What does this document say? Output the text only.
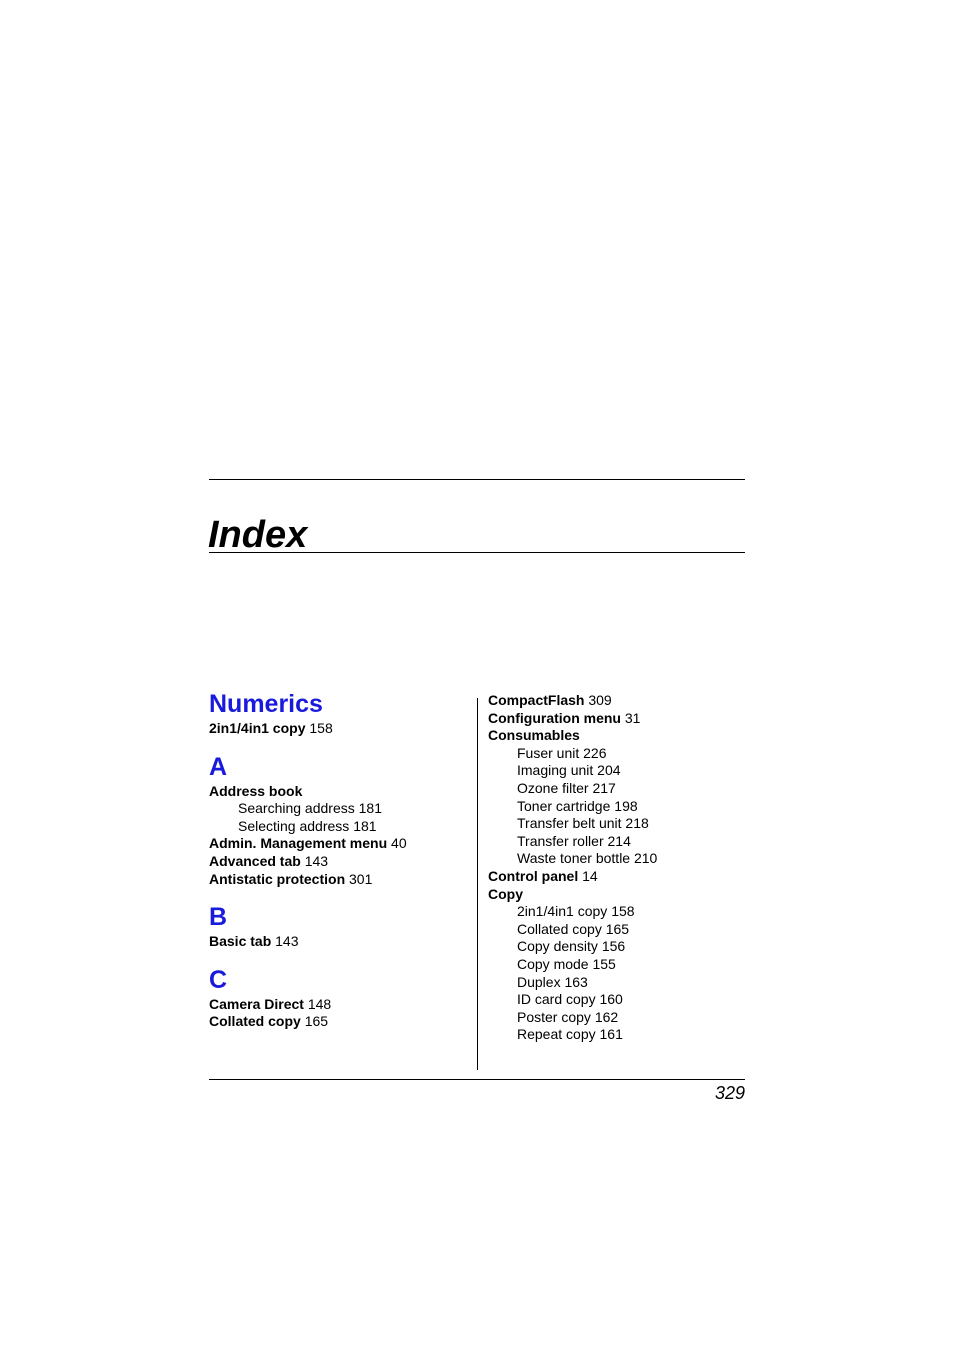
Index
Numerics

2in1/4in1 copy 158

A

Address book

Searching address 181

Selecting address 181

Admin. Management menu 40

Advanced tab 143

Antistatic protection 301

B

Basic tab 143

C

Camera Direct 148

Collated copy 165

CompactFlash 309

Configuration menu 31

Consumables

Fuser unit 226

Imaging unit 204

Ozone filter 217

Toner cartridge 198

Transfer belt unit 218

Transfer roller 214

Waste toner bottle 210

Control panel 14

Copy

2in1/4in1 copy 158

Collated copy 165

Copy density 156

Copy mode 155

Duplex 163

ID card copy 160

Poster copy 162

Repeat copy 161

329
